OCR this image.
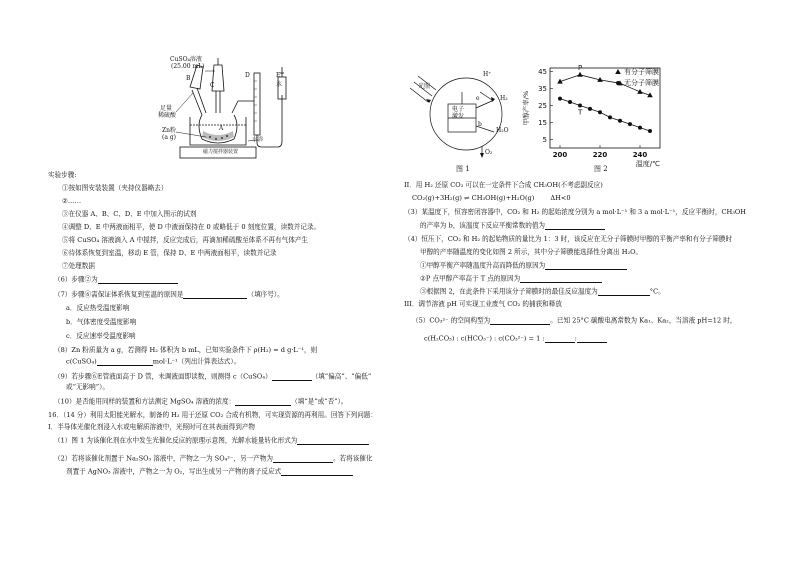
CuSO₄溶液
(25.00 mL)
B
C
D	E
水
A
足量
稀硫酸
Zn粉
(a g)	水浴
磁力搅拌器装置
实验步骤:
①按如图安装装置（夹持仪器略去）
②……
③在仪器 A、B、C、D、E 中加入图示的试剂
④调整 D、E 中两液面相平，使 D 中液面保持在 0 或略低于 0 刻度位置，读数并记录。
⑤将 CuSO₄ 溶液滴入 A 中搅拌，反应完成后，再滴加稀硫酸至体系不再有气体产生
⑥待体系恢复到室温，移动 E 管，保持 D、E 中两液面相平，读数并记录
⑦处理数据
（6）步骤②为
（7）步骤⑥需保证体系恢复到室温的原因是	（填序号）。
a．反应热受温度影响
b．气体密度受温度影响
c．反应速率受温度影响
（8）Zn 粉质量为 a g，若测得 H₂ 体积为 b mL，已知实验条件下 ρ(H₂) = d g·L⁻¹，则
c(CuSO₄)	mol·L⁻¹（列出计算表达式）。
（9）若步骤⑥E管液面高于 D 管，未调液面即读数，则测得 c（CuSO₄）	（填“偏高”、“偏低”
或“无影响”）。
（10）是否能用同样的装置和方法测定 MgSO₄ 溶液的浓度：	（填“是”或“否”）。
16．（14 分）利用太阳能光解水，制备的 H₂ 用于还原 CO₂ 合成有机物，可实现资源的再利用。回答下列问题：
I．半导体光催化剂浸入水或电解质溶液中，光照时可在其表面得到产物
（1）图 1 为该催化剂在水中发生光催化反应的原理示意图，光解水能量转化形式为
（2）若将该催化剂置于 Na₂SO₃ 溶液中，产物之一为 SO₄²⁻，另一产物为	。若将该催化
剂置于 AgNO₃ 溶液中，产物之一为 O₂，写出生成另一产物的离子反应式
光照
H⁺
H₂
e
电子
激发
b
H₂O
O₂
图 1
5
15
25
35
45
200	220	240
甲醇产率/%
温度/℃
有分子筛膜
无分子筛膜
P
T
图 2
II．用 H₂ 还原 CO₂ 可以在一定条件下合成 CH₃OH(不考虑副反应)
CO₂(g)+3H₂(g) ⇌ CH₃OH(g)+H₂O(g) ΔH<0
（3）某温度下，恒容密闭容器中，CO₂ 和 H₂ 的起始浓度分别为 a mol·L⁻¹ 和 3 a mol·L⁻¹，反应平衡时，CH₃OH
的产率为 b，该温度下反应平衡常数的值为
（4）恒压下，CO₂ 和 H₂ 的起始物质的量比为 1：3 时，该反应在无分子筛膜时甲醇的平衡产率和有分子筛膜时
甲醇的产率随温度的变化如图 2 所示，其中分子筛膜能选择性分离出 H₂O。
①甲醇平衡产率随温度升高而降低的原因为
②P 点甲醇产率高于 T 点的原因为
③根据图 2，在此条件下采用该分子筛膜时的最佳反应温度为	°C。
III．调节溶液 pH 可实现工业废气 CO₂ 的捕获和释放
（5）CO₃²⁻ 的空间构型为	。已知 25°C 碳酸电离常数为 Ka₁、Ka₂，当溶液 pH=12 时，
c(H₂CO₃) : c(HCO₃⁻) : c(CO₃²⁻) = 1 :	:
